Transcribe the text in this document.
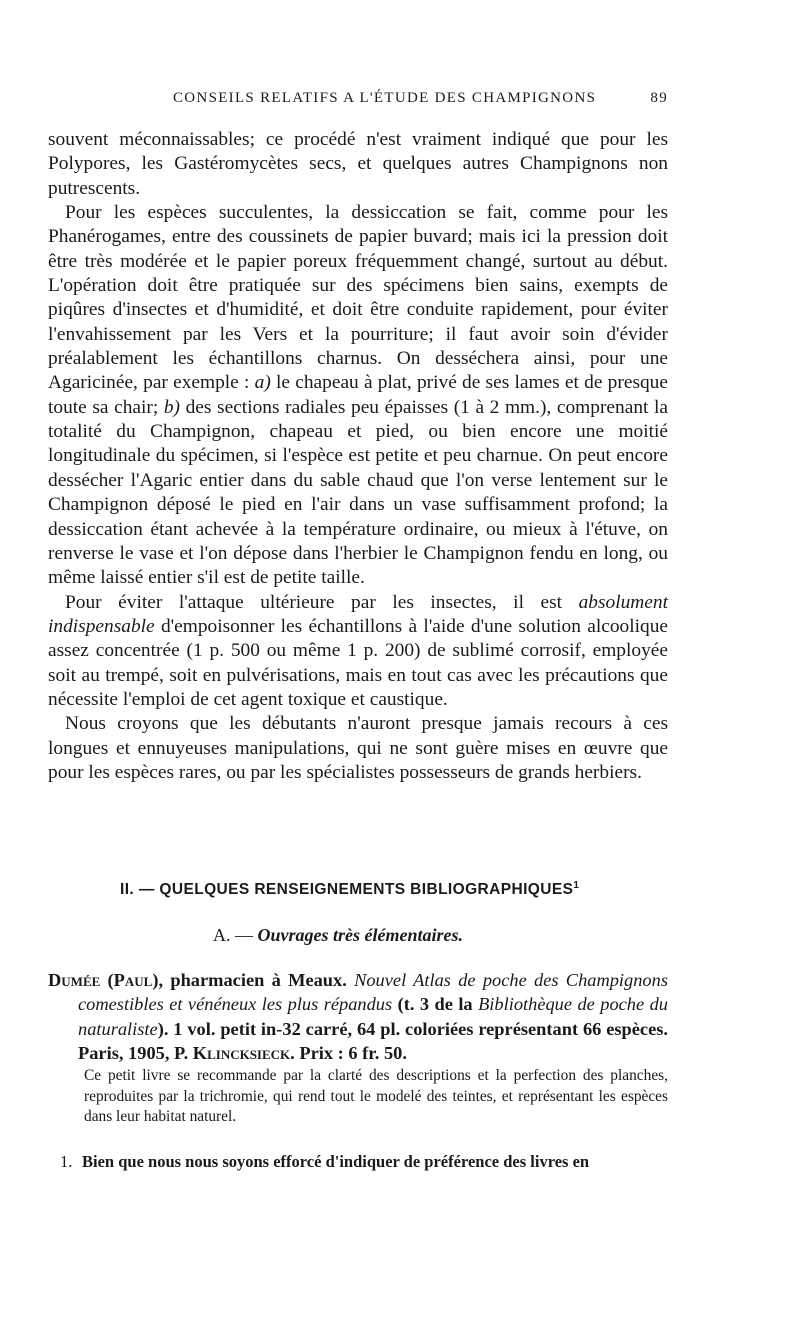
CONSEILS RELATIFS A L'ÉTUDE DES CHAMPIGNONS	89

souvent méconnaissables; ce procédé n'est vraiment indiqué que pour les Polypores, les Gastéromycètes secs, et quelques autres Champignons non putrescents.

Pour les espèces succulentes, la dessiccation se fait, comme pour les Phanérogames, entre des coussinets de papier buvard; mais ici la pression doit être très modérée et le papier poreux fréquemment changé, surtout au début. L'opération doit être pratiquée sur des spécimens bien sains, exempts de piqûres d'insectes et d'humidité, et doit être conduite rapidement, pour éviter l'envahissement par les Vers et la pourriture; il faut avoir soin d'évider préalablement les échantillons charnus. On desséchera ainsi, pour une Agaricinée, par exemple : a) le chapeau à plat, privé de ses lames et de presque toute sa chair; b) des sections radiales peu épaisses (1 à 2 mm.), comprenant la totalité du Champignon, chapeau et pied, ou bien encore une moitié longitudinale du spécimen, si l'espèce est petite et peu charnue. On peut encore dessécher l'Agaric entier dans du sable chaud que l'on verse lentement sur le Champignon déposé le pied en l'air dans un vase suffisamment profond; la dessiccation étant achevée à la température ordinaire, ou mieux à l'étuve, on renverse le vase et l'on dépose dans l'herbier le Champignon fendu en long, ou même laissé entier s'il est de petite taille.

Pour éviter l'attaque ultérieure par les insectes, il est absolument indispensable d'empoisonner les échantillons à l'aide d'une solution alcoolique assez concentrée (1 p. 500 ou même 1 p. 200) de sublimé corrosif, employée soit au trempé, soit en pulvérisations, mais en tout cas avec les précautions que nécessite l'emploi de cet agent toxique et caustique.

Nous croyons que les débutants n'auront presque jamais recours à ces longues et ennuyeuses manipulations, qui ne sont guère mises en œuvre que pour les espèces rares, ou par les spécialistes possesseurs de grands herbiers.

II. — QUELQUES RENSEIGNEMENTS BIBLIOGRAPHIQUES$^1$
A. — Ouvrages très élémentaires.

Dumée (Paul), pharmacien à Meaux. Nouvel Atlas de poche des Champignons comestibles et vénéneux les plus répandus (t. 3 de la Bibliothèque de poche du naturaliste). 1 vol. petit in-32 carré, 64 pl. coloriées représentant 66 espèces. Paris, 1905, P. Klincksieck. Prix : 6 fr. 50.

Ce petit livre se recommande par la clarté des descriptions et la perfection des planches, reproduites par la trichromie, qui rend tout le modelé des teintes, et représentant les espèces dans leur habitat naturel.

1. Bien que nous nous soyons efforcé d'indiquer de préférence des livres en
